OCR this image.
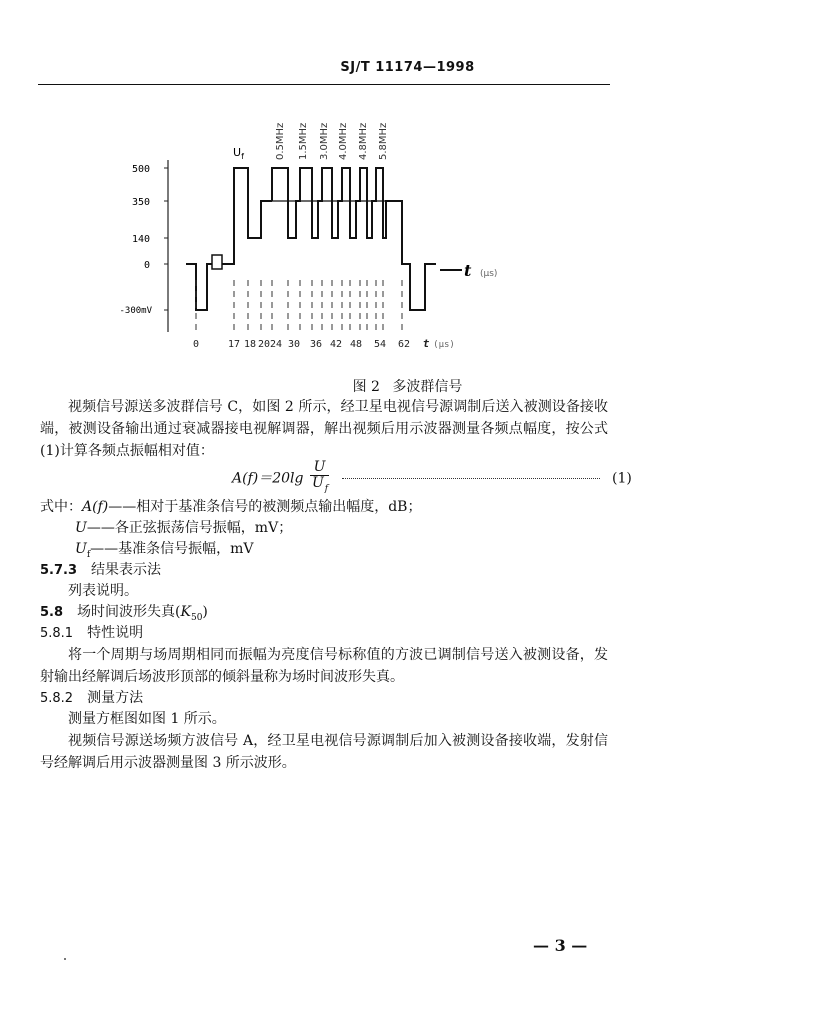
SJ/T 11174—1998
500
350
140
0
-300mV
$U_f$	0.5MHz 1.5MHz 3.0MHz 4.0MHz 4.8MHz 5.8MHz
0	17 18 20 24 30 36 42 48 54 62 t (μs)
t (μs)
图 2 多波群信号
视频信号源送多波群信号 C，如图 2 所示，经卫星电视信号源调制后送入被测设备接收端，被测设备输出通过衰减器接电视解调器，解出视频后用示波器测量各频点幅度，按公式(1)计算各频点振幅相对值：
$A(f)=20\lg \frac{U}{U_f}$	(1)
式中：A(f)——相对于基准条信号的被测频点输出幅度，dB；
U——各正弦振荡信号振幅，mV；
$U_f——$基准条信号振幅，mV
5.7.3 结果表示法
列表说明。
5.8 场时间波形失真$(K_{50})$
5.8.1 特性说明
将一个周期与场周期相同而振幅为亮度信号标称值的方波已调制信号送入被测设备，发射输出经解调后场波形顶部的倾斜量称为场时间波形失真。
5.8.2 测量方法
测量方框图如图 1 所示。
视频信号源送场频方波信号 A，经卫星电视信号源调制后加入被测设备接收端，发射信号经解调后用示波器测量图 3 所示波形。
— 3 —
